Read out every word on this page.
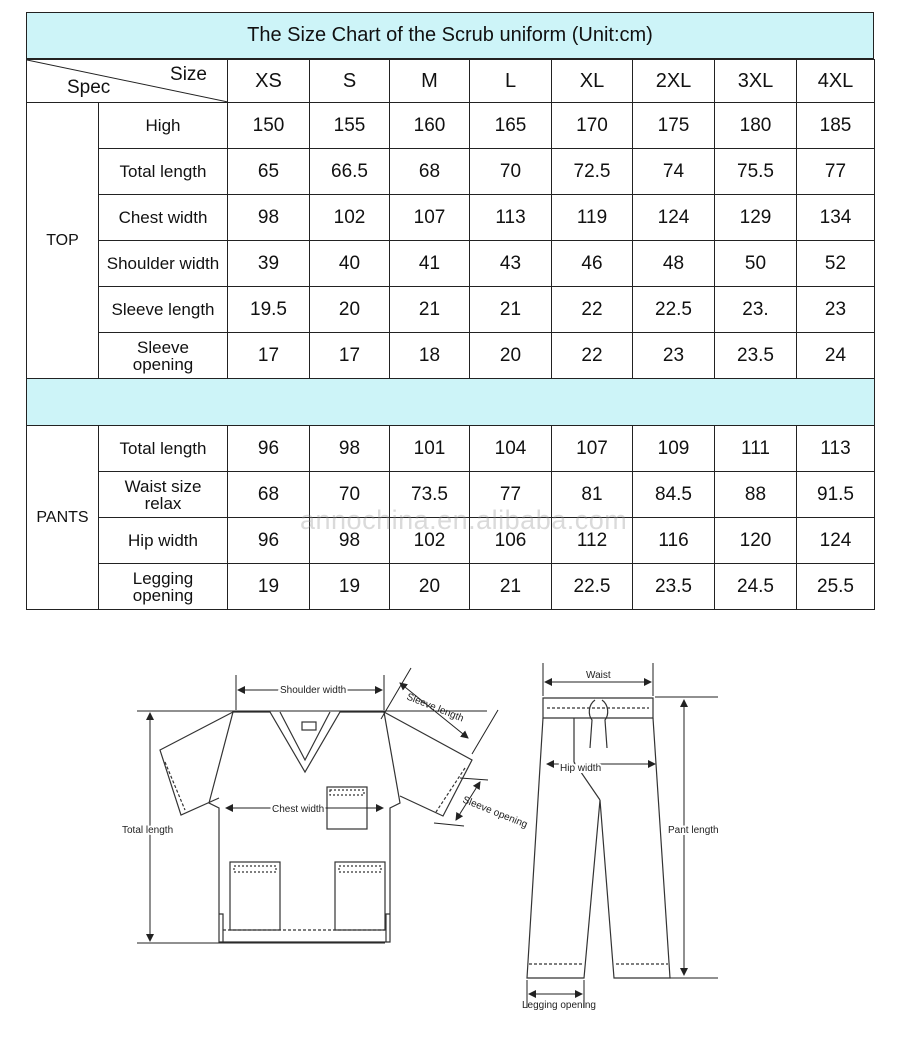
The Size Chart of the Scrub uniform (Unit:cm)
Size
Spec		XS	S	M	L	XL	2XL	3XL	4XL
TOP	High	150	155	160	165	170	175	180	185
	Total length	65	66.5	68	70	72.5	74	75.5	77
	Chest width	98	102	107	113	119	124	129	134
	Shoulder width	39	40	41	43	46	48	50	52
	Sleeve length	19.5	20	21	21	22	22.5	23.	23

	Sleeve
opening	17	17	18	20	22	23	23.5	24

PANTS	Total length	96	98	101	104	107	109	111	113

	Waist size
relax	68	70	73.5	77	81	84.5	88	91.5
	Hip width	96	98	102	106	112	116	120	124

	Legging
opening	19	19	20	21	22.5	23.5	24.5	25.5
annochina.en.alibaba.com
Shoulder width
Chest width
Total length
Sleeve length
Sleeve opening
Waist
Hip width
Pant length
Legging opening
